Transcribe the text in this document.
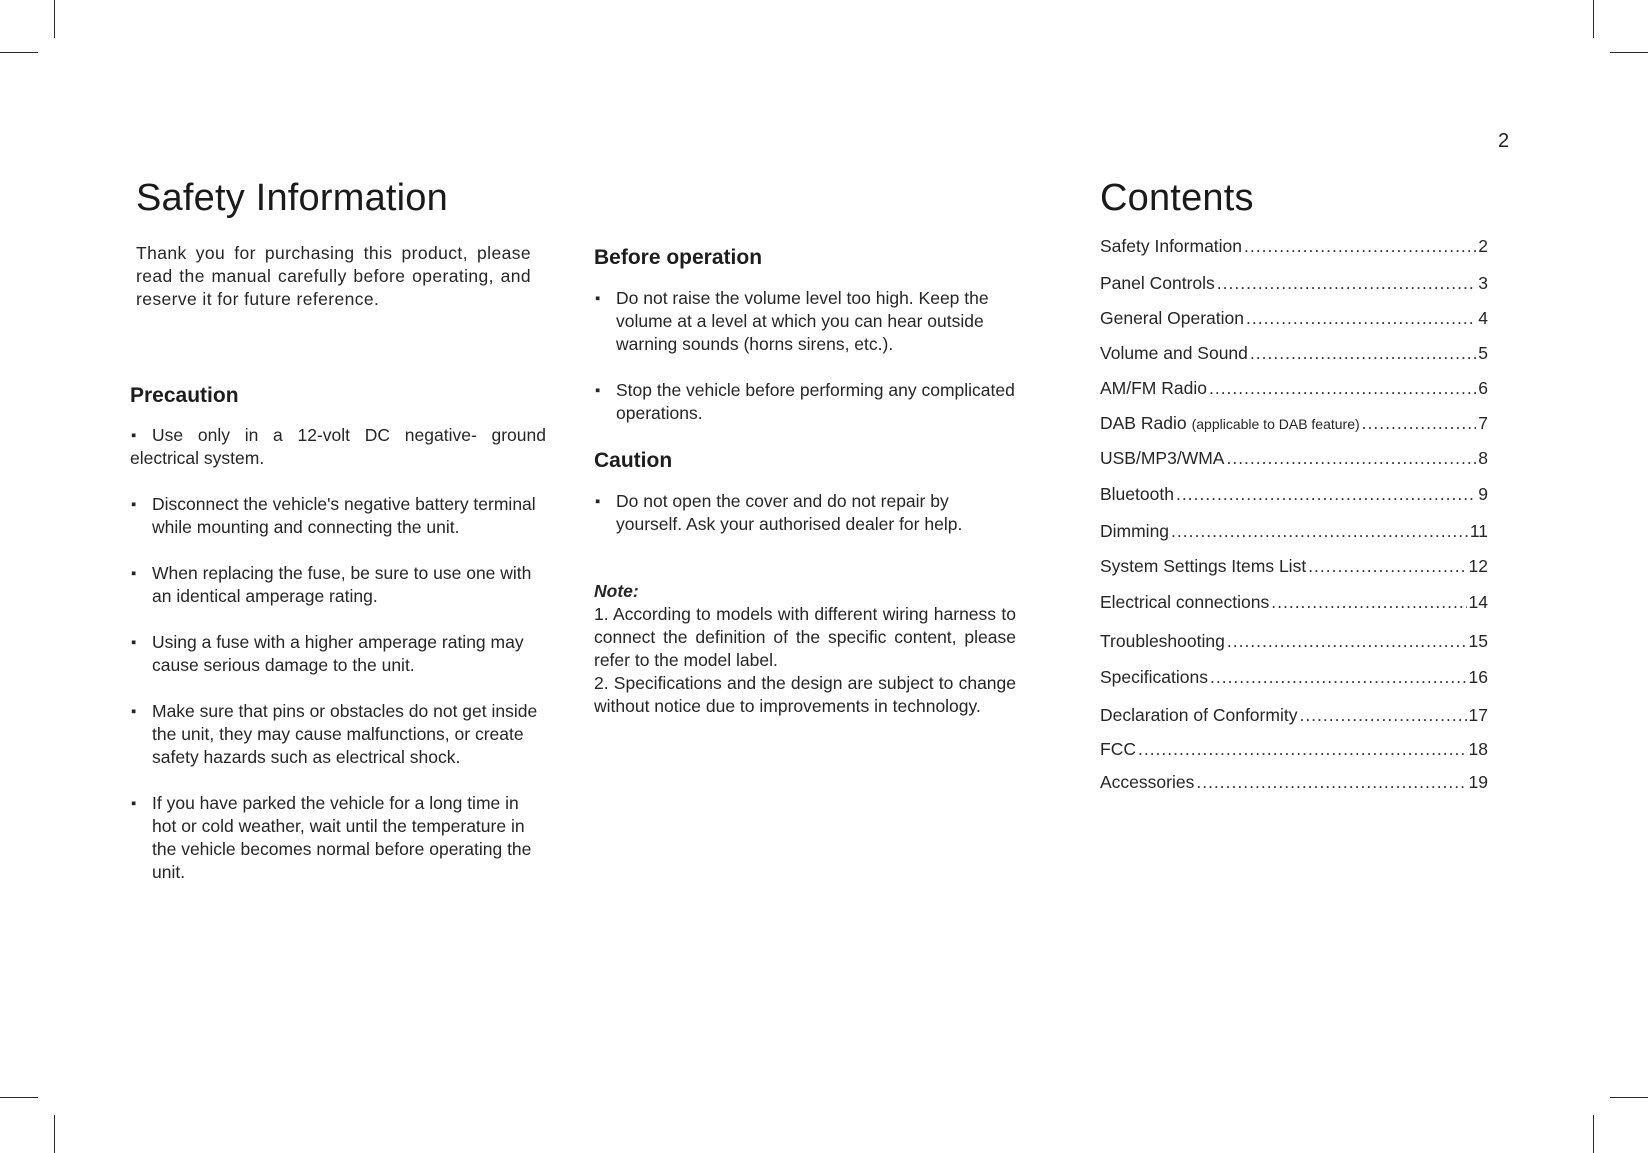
2
Safety Information	Contents

Thank you for purchasing this product, please read the manual carefully before operating, and reserve it for future reference.

Precaution

▪ Use only in a 12-volt DC negative- ground electrical system.
▪ Disconnect the vehicle's negative battery terminal while mounting and connecting the unit.
▪ When replacing the fuse, be sure to use one with an identical amperage rating.
▪ Using a fuse with a higher amperage rating may cause serious damage to the unit.
▪ Make sure that pins or obstacles do not get inside the unit, they may cause malfunctions, or create safety hazards such as electrical shock.
▪ If you have parked the vehicle for a long time in hot or cold weather, wait until the temperature in the vehicle becomes normal before operating the unit.

Before operation

▪ Do not raise the volume level too high. Keep the volume at a level at which you can hear outside warning sounds (horns sirens, etc.).
▪ Stop the vehicle before performing any complicated operations.

Caution

▪ Do not open the cover and do not repair by yourself. Ask your authorised dealer for help.

Note:

1. According to models with different wiring harness to connect the definition of the specific content, please refer to the model label.

2. Specifications and the design are subject to change without notice due to improvements in technology.

Safety Information .....	2
Panel Controls .....	3
General Operation .....	4
Volume and Sound .....	5
AM/FM Radio .....	6
DAB Radio (applicable to DAB feature) .....	7
USB/MP3/WMA .....	8
Bluetooth .....	9
Dimming .....	11
System Settings Items List .....	12
Electrical connections .....	14
Troubleshooting .....	15
Specifications .....	16
Declaration of Conformity .....	17
FCC .....	18
Accessories .....	19
